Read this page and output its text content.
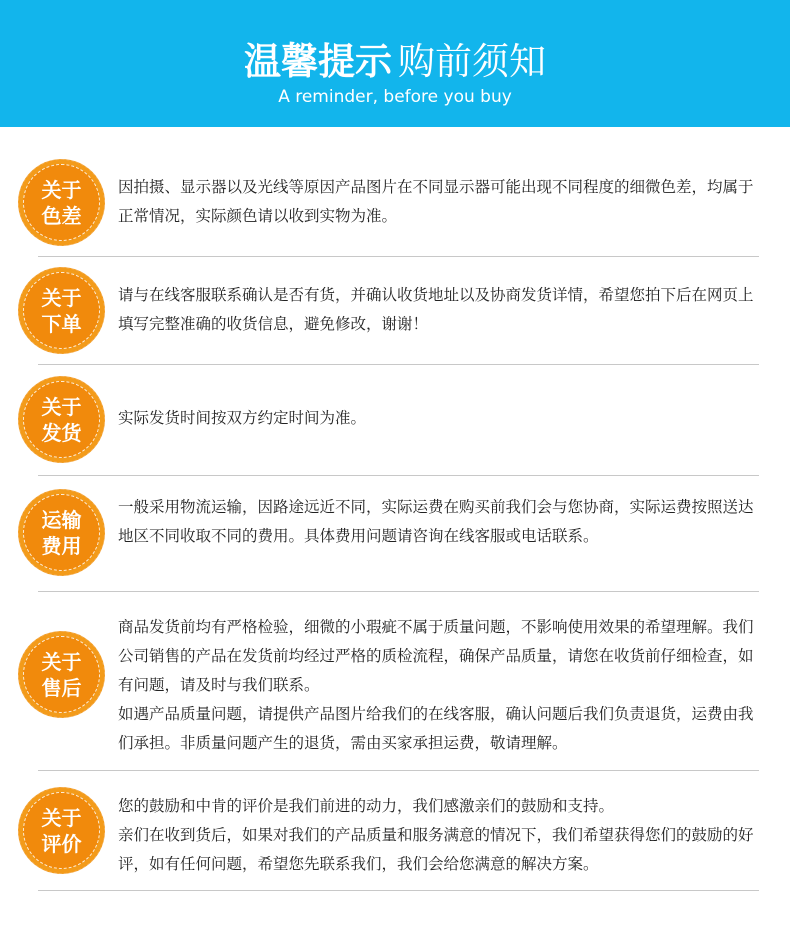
温馨提示 购前须知
A reminder, before you buy
关于
色差

因拍摄、显示器以及光线等原因产品图片在不同显示器可能出现不同程度的细微色差，均属于正常情况，实际颜色请以收到实物为准。

关于
下单

请与在线客服联系确认是否有货，并确认收货地址以及协商发货详情，希望您拍下后在网页上填写完整准确的收货信息，避免修改，谢谢！

关于
发货

实际发货时间按双方约定时间为准。

运输
费用

一般采用物流运输，因路途远近不同，实际运费在购买前我们会与您协商，实际运费按照送达地区不同收取不同的费用。具体费用问题请咨询在线客服或电话联系。

关于
售后

商品发货前均有严格检验，细微的小瑕疵不属于质量问题，不影响使用效果的希望理解。我们公司销售的产品在发货前均经过严格的质检流程，确保产品质量，请您在收货前仔细检查，如有问题，请及时与我们联系。

如遇产品质量问题，请提供产品图片给我们的在线客服，确认问题后我们负责退货，运费由我们承担。非质量问题产生的退货，需由买家承担运费，敬请理解。

关于
评价

您的鼓励和中肯的评价是我们前进的动力，我们感激亲们的鼓励和支持。

亲们在收到货后，如果对我们的产品质量和服务满意的情况下，我们希望获得您们的鼓励的好评，如有任何问题，希望您先联系我们，我们会给您满意的解决方案。
